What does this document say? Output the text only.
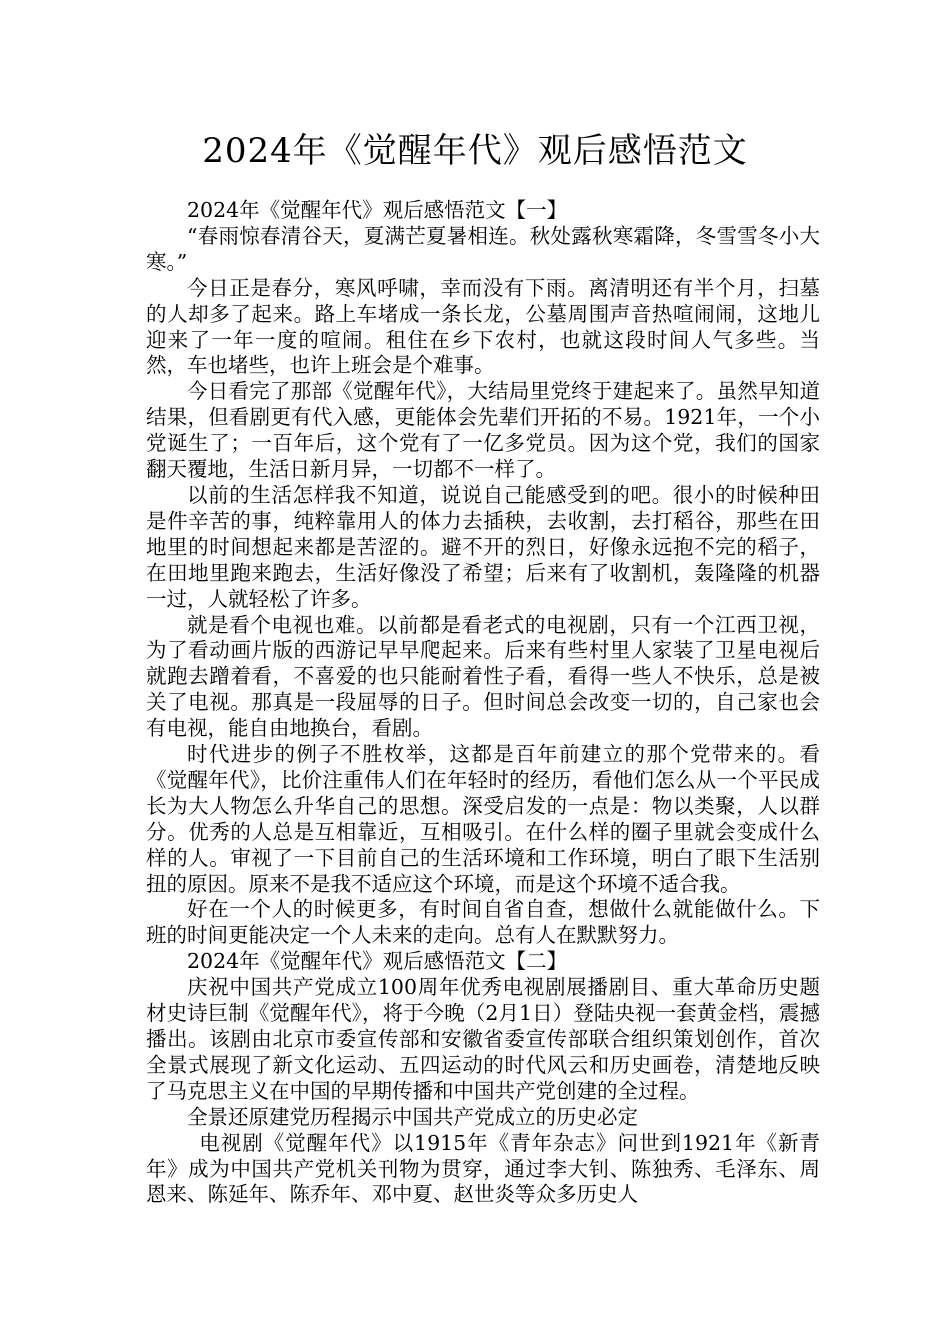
2024年《觉醒年代》观后感悟范文

2024年《觉醒年代》观后感悟范文【一】

“春雨惊春清谷天，夏满芒夏暑相连。秋处露秋寒霜降，冬雪雪冬小大寒。”

今日正是春分，寒风呼啸，幸而没有下雨。离清明还有半个月，扫墓的人却多了起来。路上车堵成一条长龙，公墓周围声音热喧闹闹，这地儿迎来了一年一度的喧闹。租住在乡下农村，也就这段时间人气多些。当然，车也堵些，也许上班会是个难事。

今日看完了那部《觉醒年代》，大结局里党终于建起来了。虽然早知道结果，但看剧更有代入感，更能体会先辈们开拓的不易。1921年，一个小党诞生了；一百年后，这个党有了一亿多党员。因为这个党，我们的国家翻天覆地，生活日新月异，一切都不一样了。

以前的生活怎样我不知道，说说自己能感受到的吧。很小的时候种田是件辛苦的事，纯粹靠用人的体力去插秧，去收割，去打稻谷，那些在田地里的时间想起来都是苦涩的。避不开的烈日，好像永远抱不完的稻子，在田地里跑来跑去，生活好像没了希望；后来有了收割机，轰隆隆的机器一过，人就轻松了许多。

就是看个电视也难。以前都是看老式的电视剧，只有一个江西卫视，为了看动画片版的西游记早早爬起来。后来有些村里人家装了卫星电视后就跑去蹭着看，不喜爱的也只能耐着性子看，看得一些人不快乐，总是被关了电视。那真是一段屈辱的日子。但时间总会改变一切的，自己家也会有电视，能自由地换台，看剧。

时代进步的例子不胜枚举，这都是百年前建立的那个党带来的。看《觉醒年代》，比价注重伟人们在年轻时的经历，看他们怎么从一个平民成长为大人物怎么升华自己的思想。深受启发的一点是：物以类聚，人以群分。优秀的人总是互相靠近，互相吸引。在什么样的圈子里就会变成什么样的人。审视了一下目前自己的生活环境和工作环境，明白了眼下生活别扭的原因。原来不是我不适应这个环境，而是这个环境不适合我。

好在一个人的时候更多，有时间自省自查，想做什么就能做什么。下班的时间更能决定一个人未来的走向。总有人在默默努力。

2024年《觉醒年代》观后感悟范文【二】

庆祝中国共产党成立100周年优秀电视剧展播剧目、重大革命历史题材史诗巨制《觉醒年代》，将于今晚（2月1日）登陆央视一套黄金档，震撼播出。该剧由北京市委宣传部和安徽省委宣传部联合组织策划创作，首次全景式展现了新文化运动、五四运动的时代风云和历史画卷，清楚地反映了马克思主义在中国的早期传播和中国共产党创建的全过程。

全景还原建党历程揭示中国共产党成立的历史必定

电视剧《觉醒年代》以1915年《青年杂志》问世到1921年《新青年》成为中国共产党机关刊物为贯穿，通过李大钊、陈独秀、毛泽东、周恩来、陈延年、陈乔年、邓中夏、赵世炎等众多历史人
